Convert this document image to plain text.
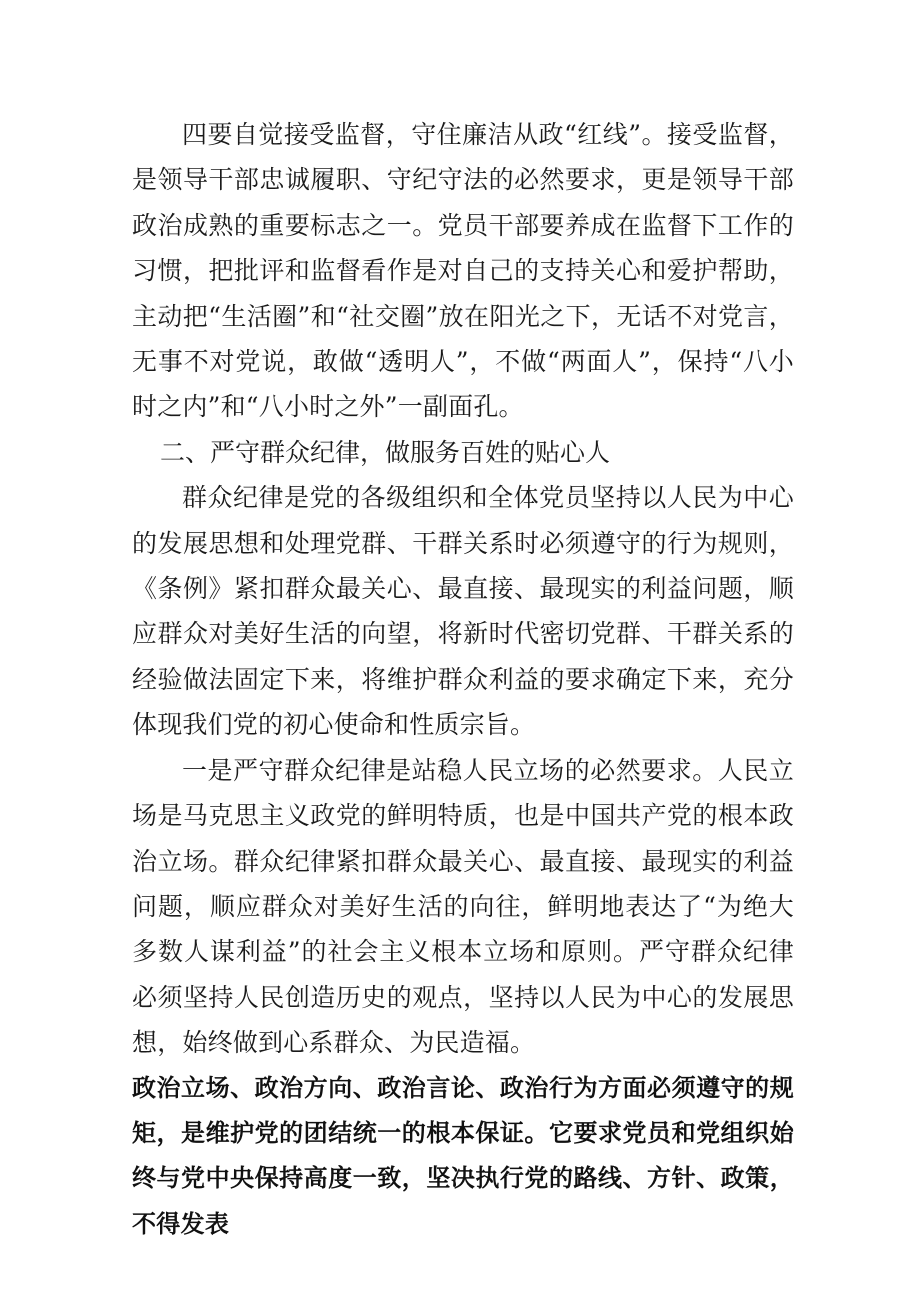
四要自觉接受监督，守住廉洁从政“红线”。接受监督，是领导干部忠诚履职、守纪守法的必然要求，更是领导干部政治成熟的重要标志之一。党员干部要养成在监督下工作的习惯，把批评和监督看作是对自己的支持关心和爱护帮助，主动把“生活圈”和“社交圈”放在阳光之下，无话不对党言，无事不对党说，敢做“透明人”，不做“两面人”，保持“八小时之内”和“八小时之外”一副面孔。

二、严守群众纪律，做服务百姓的贴心人

群众纪律是党的各级组织和全体党员坚持以人民为中心的发展思想和处理党群、干群关系时必须遵守的行为规则，《条例》紧扣群众最关心、最直接、最现实的利益问题，顺应群众对美好生活的向望，将新时代密切党群、干群关系的经验做法固定下来，将维护群众利益的要求确定下来，充分体现我们党的初心使命和性质宗旨。

一是严守群众纪律是站稳人民立场的必然要求。人民立场是马克思主义政党的鲜明特质，也是中国共产党的根本政治立场。群众纪律紧扣群众最关心、最直接、最现实的利益问题，顺应群众对美好生活的向往，鲜明地表达了“为绝大多数人谋利益”的社会主义根本立场和原则。严守群众纪律必须坚持人民创造历史的观点，坚持以人民为中心的发展思想，始终做到心系群众、为民造福。

政治立场、政治方向、政治言论、政治行为方面必须遵守的规矩，是维护党的团结统一的根本保证。它要求党员和党组织始终与党中央保持高度一致，坚决执行党的路线、方针、政策，不得发表
